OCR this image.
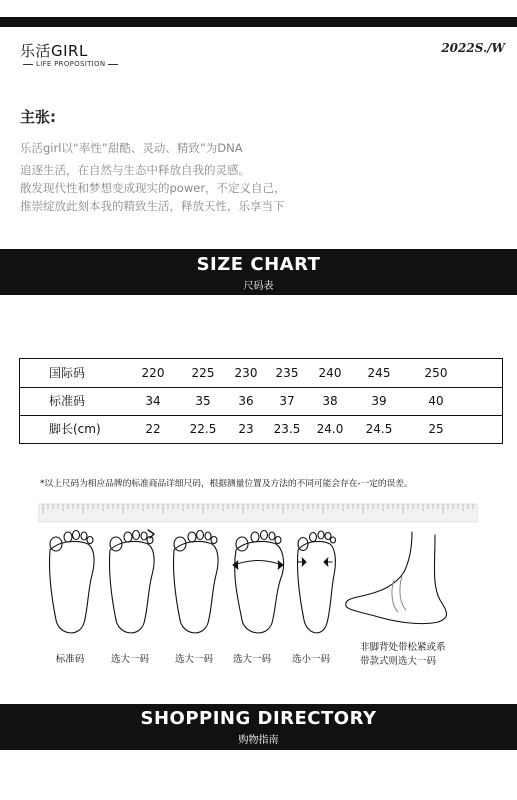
乐活GIRL
LIFE PROPOSITION
2022S./W
主张:
乐活girl以“率性”甜酷、灵动、精致”为DNA
追逐生活，在自然与生态中释放自我的灵感。
散发现代性和梦想变成现实的power，不定义自己，
推崇绽放此刻本我的精致生活，释放天性，乐享当下
SIZE CHART
尺码表
国际码	220	225	230	235	240	245	250
标准码	34	35	36	37	38	39	40
脚长(cm)	22	22.5	23	23.5	24.0	24.5	25
*以上尺码为相应品牌的标准商品详细尺码，根据测量位置及方法的不同可能会存在-一定的误差。
标准码	选大一码	选大一码	选大一码	选小一码
非脚背处带松紧或系
带款式则选大一码
SHOPPING DIRECTORY
购物指南
